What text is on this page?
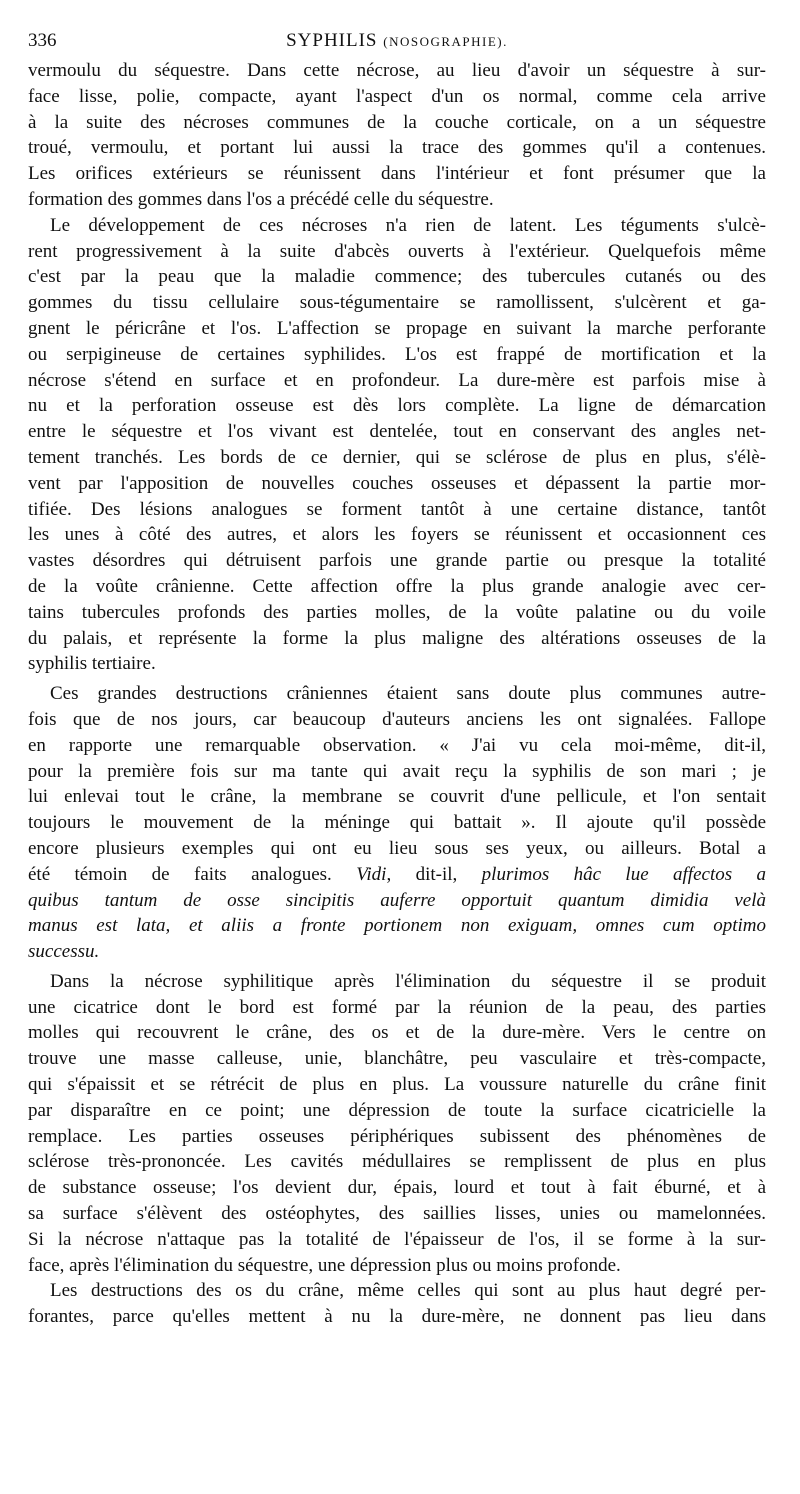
336	SYPHILIS (NOSOGRAPHIE).

vermoulu du séquestre. Dans cette nécrose, au lieu d'avoir un séquestre à sur-
face lisse, polie, compacte, ayant l'aspect d'un os normal, comme cela arrive
à la suite des nécroses communes de la couche corticale, on a un séquestre
troué, vermoulu, et portant lui aussi la trace des gommes qu'il a contenues.
Les orifices extérieurs se réunissent dans l'intérieur et font présumer que la
formation des gommes dans l'os a précédé celle du séquestre.

Le développement de ces nécroses n'a rien de latent. Les téguments s'ulcè-
rent progressivement à la suite d'abcès ouverts à l'extérieur. Quelquefois même
c'est par la peau que la maladie commence; des tubercules cutanés ou des
gommes du tissu cellulaire sous-tégumentaire se ramollissent, s'ulcèrent et ga-
gnent le péricrâne et l'os. L'affection se propage en suivant la marche perforante
ou serpigineuse de certaines syphilides. L'os est frappé de mortification et la
nécrose s'étend en surface et en profondeur. La dure-mère est parfois mise à
nu et la perforation osseuse est dès lors complète. La ligne de démarcation
entre le séquestre et l'os vivant est dentelée, tout en conservant des angles net-
tement tranchés. Les bords de ce dernier, qui se sclérose de plus en plus, s'élè-
vent par l'apposition de nouvelles couches osseuses et dépassent la partie mor-
tifiée. Des lésions analogues se forment tantôt à une certaine distance, tantôt
les unes à côté des autres, et alors les foyers se réunissent et occasionnent ces
vastes désordres qui détruisent parfois une grande partie ou presque la totalité
de la voûte crânienne. Cette affection offre la plus grande analogie avec cer-
tains tubercules profonds des parties molles, de la voûte palatine ou du voile
du palais, et représente la forme la plus maligne des altérations osseuses de la
syphilis tertiaire.

Ces grandes destructions crâniennes étaient sans doute plus communes autre-
fois que de nos jours, car beaucoup d'auteurs anciens les ont signalées. Fallope
en rapporte une remarquable observation. « J'ai vu cela moi-même, dit-il,
pour la première fois sur ma tante qui avait reçu la syphilis de son mari ; je
lui enlevai tout le crâne, la membrane se couvrit d'une pellicule, et l'on sentait
toujours le mouvement de la méninge qui battait ». Il ajoute qu'il possède
encore plusieurs exemples qui ont eu lieu sous ses yeux, ou ailleurs. Botal a
été témoin de faits analogues. Vidi, dit-il, plurimos hâc lue affectos a
quibus tantum de osse sincipitis auferre opportuit quantum dimidia velà
manus est lata, et aliis a fronte portionem non exiguam, omnes cum optimo
successu.

Dans la nécrose syphilitique après l'élimination du séquestre il se produit
une cicatrice dont le bord est formé par la réunion de la peau, des parties
molles qui recouvrent le crâne, des os et de la dure-mère. Vers le centre on
trouve une masse calleuse, unie, blanchâtre, peu vasculaire et très-compacte,
qui s'épaissit et se rétrécit de plus en plus. La voussure naturelle du crâne finit
par disparaître en ce point; une dépression de toute la surface cicatricielle la
remplace. Les parties osseuses périphériques subissent des phénomènes de
sclérose très-prononcée. Les cavités médullaires se remplissent de plus en plus
de substance osseuse; l'os devient dur, épais, lourd et tout à fait éburné, et à
sa surface s'élèvent des ostéophytes, des saillies lisses, unies ou mamelonnées.
Si la nécrose n'attaque pas la totalité de l'épaisseur de l'os, il se forme à la sur-
face, après l'élimination du séquestre, une dépression plus ou moins profonde.

Les destructions des os du crâne, même celles qui sont au plus haut degré per-
forantes, parce qu'elles mettent à nu la dure-mère, ne donnent pas lieu dans
